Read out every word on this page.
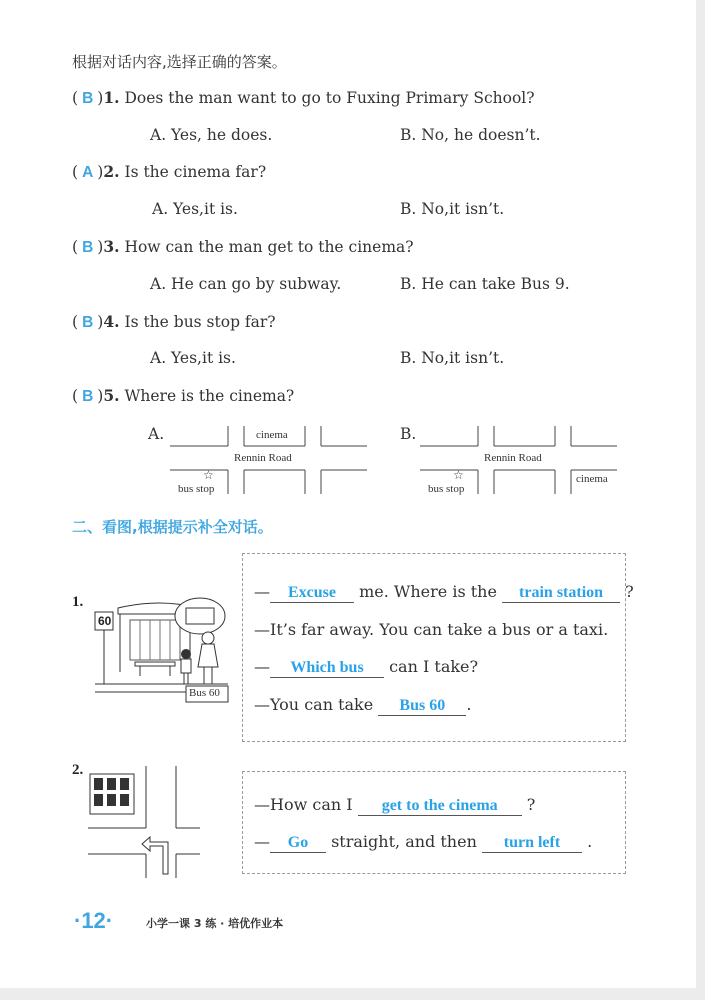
根据对话内容,选择正确的答案。
( B )1. Does the man want to go to Fuxing Primary School?
A. Yes, he does.	B. No, he doesn’t.
( A )2. Is the cinema far?
A. Yes,it is.	B. No,it isn’t.
( B )3. How can the man get to the cinema?
A. He can go by subway.	B. He can take Bus 9.
( B )4. Is the bus stop far?
A. Yes,it is.	B. No,it isn’t.
( B )5. Where is the cinema?
A.	B.
cinema
Rennin Road
☆
bus stop
Rennin Road
☆
bus stop
cinema
二、看图,根据提示补全对话。
1.
60
Bus 60
— Excuse me. Where is the train station ?
—It’s far away. You can take a bus or a taxi.
— Which bus can I take?
—You can take Bus 60 .
2.
—How can I get to the cinema ?
— Go straight, and then turn left .
·12·	小学一课 3 练 · 培优作业本
